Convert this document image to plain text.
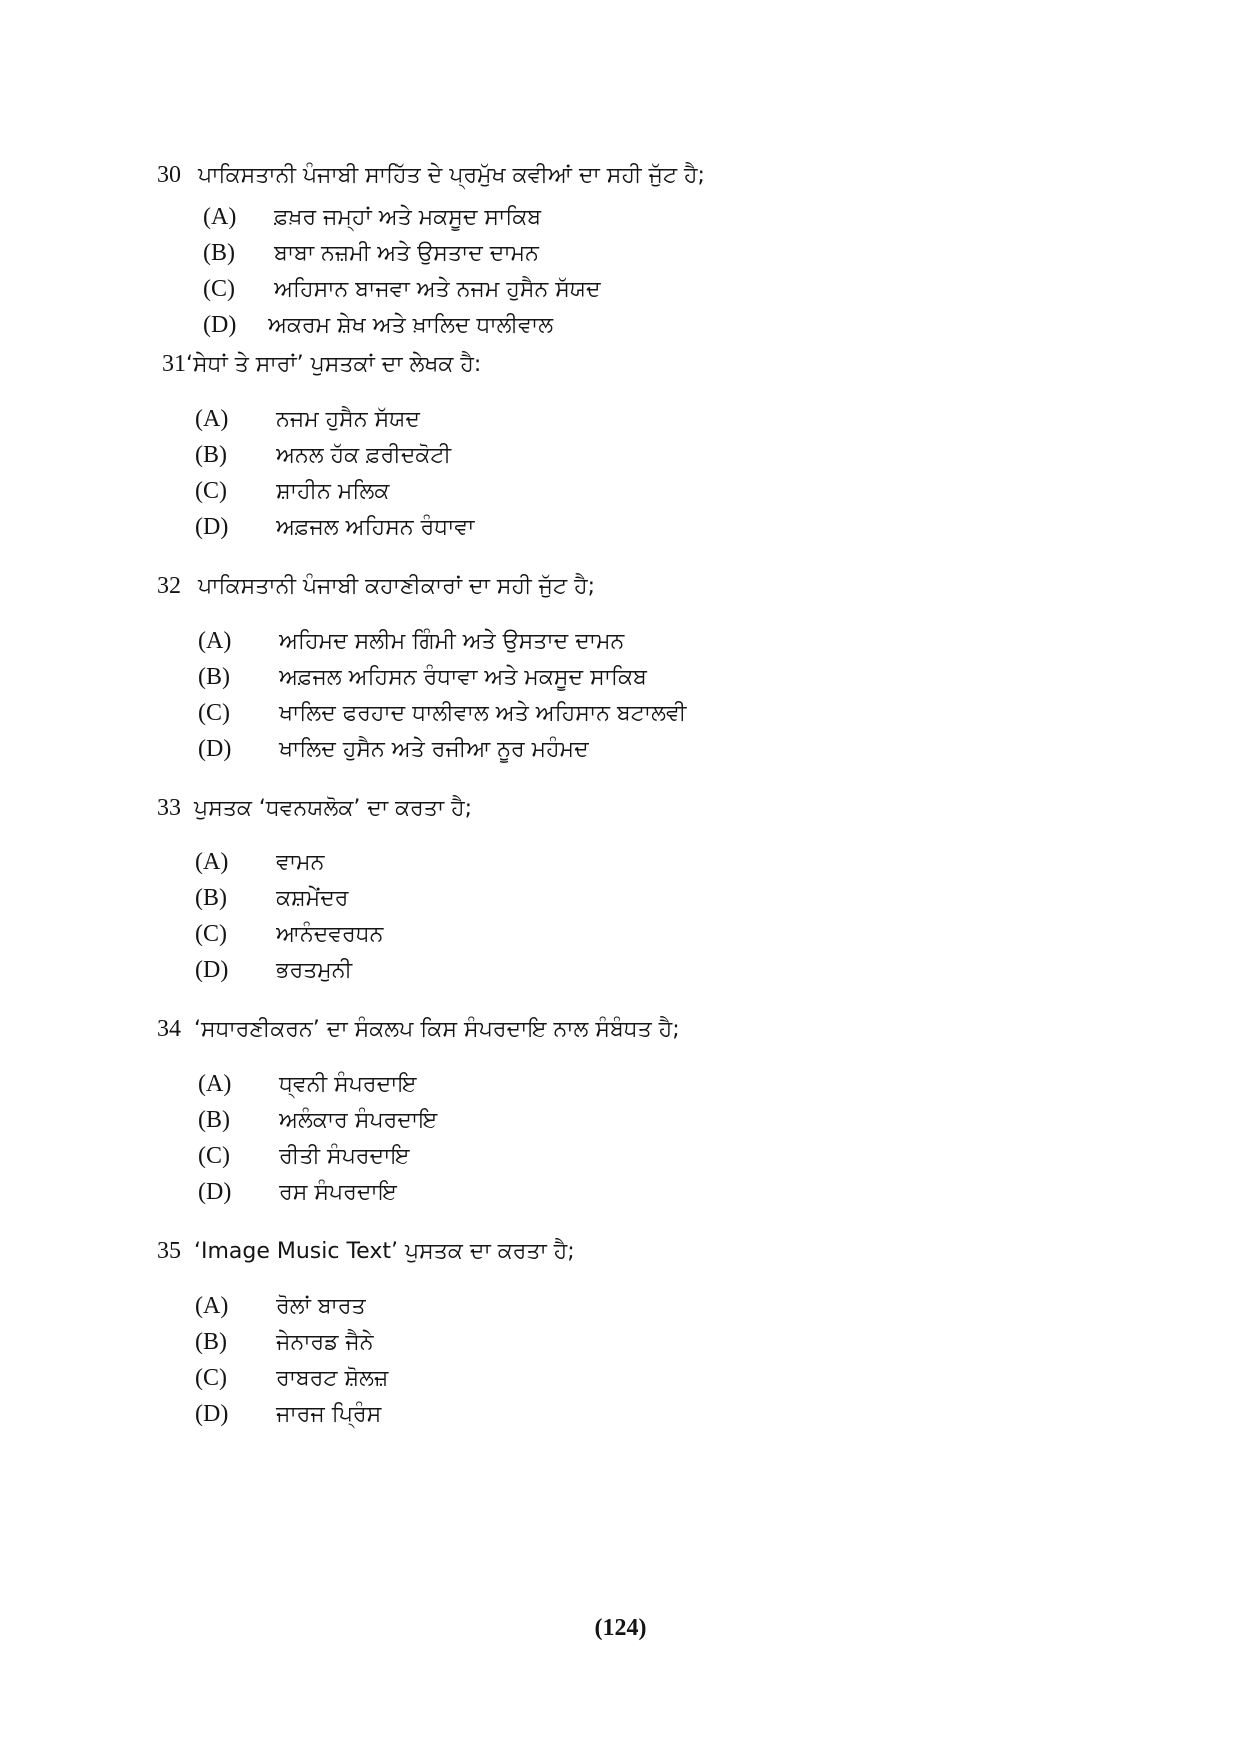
30 ਪਾਕਿਸਤਾਨੀ ਪੰਜਾਬੀ ਸਾਹਿੱਤ ਦੇ ਪ੍ਰਮੁੱਖ ਕਵੀਆਂ ਦਾ ਸਹੀ ਜੁੱਟ ਹੈ;
(A) ਫ਼ਖ਼ਰ ਜਮ੍ਹਾਂ ਅਤੇ ਮਕਸੂਦ ਸਾਕਿਬ
(B) ਬਾਬਾ ਨਜ਼ਮੀ ਅਤੇ ਉਸਤਾਦ ਦਾਮਨ
(C) ਅਹਿਸਾਨ ਬਾਜਵਾ ਅਤੇ ਨਜਮ ਹੁਸੈਨ ਸੱਯਦ
(D) ਅਕਰਮ ਸ਼ੇਖ ਅਤੇ ਖ਼ਾਲਿਦ ਧਾਲੀਵਾਲ
31‘ਸੇਧਾਂ ਤੇ ਸਾਰਾਂ’ ਪੁਸਤਕਾਂ ਦਾ ਲੇਖਕ ਹੈ:
(A) ਨਜਮ ਹੁਸੈਨ ਸੱਯਦ
(B) ਅਨਲ ਹੱਕ ਫ਼ਰੀਦਕੋਟੀ
(C) ਸ਼ਾਹੀਨ ਮਲਿਕ
(D) ਅਫ਼ਜਲ ਅਹਿਸਨ ਰੰਧਾਵਾ
32 ਪਾਕਿਸਤਾਨੀ ਪੰਜਾਬੀ ਕਹਾਣੀਕਾਰਾਂ ਦਾ ਸਹੀ ਜੁੱਟ ਹੈ;
(A) ਅਹਿਮਦ ਸਲੀਮ ਗਿੰਮੀ ਅਤੇ ਉਸਤਾਦ ਦਾਮਨ
(B) ਅਫ਼ਜਲ ਅਹਿਸਨ ਰੰਧਾਵਾ ਅਤੇ ਮਕਸੂਦ ਸਾਕਿਬ
(C) ਖਾਲਿਦ ਫਰਹਾਦ ਧਾਲੀਵਾਲ ਅਤੇ ਅਹਿਸਾਨ ਬਟਾਲਵੀ
(D) ਖਾਲਿਦ ਹੁਸੈਨ ਅਤੇ ਰਜੀਆ ਨੂਰ ਮਹੰਮਦ
33 ਪੁਸਤਕ ‘ਧਵਨਯਲੋਕ’ ਦਾ ਕਰਤਾ ਹੈ;
(A) ਵਾਮਨ
(B) ਕਸ਼ਮੇਂਦਰ
(C) ਆਨੰਦਵਰਧਨ
(D) ਭਰਤਮੁਨੀ
34 ‘ਸਧਾਰਣੀਕਰਨ’ ਦਾ ਸੰਕਲਪ ਕਿਸ ਸੰਪਰਦਾਇ ਨਾਲ ਸੰਬੰਧਤ ਹੈ;
(A) ਧ੍ਵਨੀ ਸੰਪਰਦਾਇ
(B) ਅਲੰਕਾਰ ਸੰਪਰਦਾਇ
(C) ਰੀਤੀ ਸੰਪਰਦਾਇ
(D) ਰਸ ਸੰਪਰਦਾਇ
35 ‘Image Music Text’ ਪੁਸਤਕ ਦਾ ਕਰਤਾ ਹੈ;
(A) ਰੋਲਾਂ ਬਾਰਤ
(B) ਜੇਨਾਰਡ ਜੈਨੇ
(C) ਰਾਬਰਟ ਸ਼ੋਲਜ਼
(D) ਜਾਰਜ ਪ੍ਰਿੰਸ
(124)
